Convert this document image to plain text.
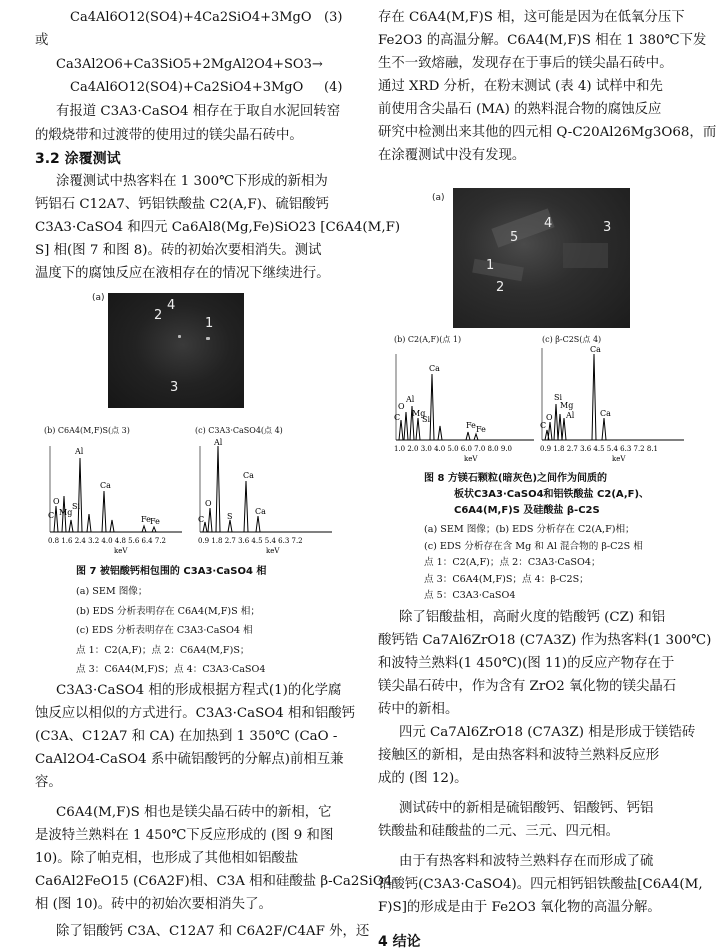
Ca4Al6O12(SO4)+4Ca2SiO4+3MgO (3)
或
Ca3Al2O6+Ca3SiO5+2MgAl2O4+SO3→
Ca4Al6O12(SO4)+Ca2SiO4+3MgO (4)
有报道 C3A3·CaSO4 相存在于取自水泥回转窑
的煅烧带和过渡带的使用过的镁尖晶石砖中。
3.2 涂覆测试
涂覆测试中热客料在 1 300℃下形成的新相为
钙铝石 C12A7、钙铝铁酸盐 C2(A,F)、硫铝酸钙
C3A3·CaSO4 和四元 Ca6Al8(Mg,Fe)SiO23 [C6A4(M,F)
S] 相(图 7 和图 8)。砖的初始次要相消失。测试
温度下的腐蚀反应在液相存在的情况下继续进行。
C3A3·CaSO4 相的形成根据方程式(1)的化学腐
蚀反应以相似的方式进行。C3A3·CaSO4 相和铝酸钙
(C3A、C12A7 和 CA) 在加热到 1 350℃ (CaO -
CaAl2O4-CaSO4 系中硫铝酸钙的分解点)前相互兼
容。
C6A4(M,F)S 相也是镁尖晶石砖中的新相，它
是波特兰熟料在 1 450℃下反应形成的 (图 9 和图
10)。除了帕克相，也形成了其他相如铝酸盐
Ca6Al2FeO15 (C6A2F)相、C3A 相和硅酸盐 β-Ca2SiO4
相 (图 10)。砖中的初始次要相消失了。
除了铝酸钙 C3A、C12A7 和 C6A2F/C4AF 外，还
(a)
2
4
1
3
(b) C6A4(M,F)S(点 3)	(c) C3A3·CaSO4(点 4)
O
Mg
Si
Al
C
Ca
Fe Fe
0.8 1.6 2.4 3.2 4.0 4.8 5.6 6.4 7.2
keV
C
O
Al
S
Ca
Ca
0.9 1.8 2.7 3.6 4.5 5.4 6.3 7.2
keV
图 7 被铝酸钙相包围的 C3A3·CaSO4 相
(a) SEM 图像；
(b) EDS 分析表明存在 C6A4(M,F)S 相；
(c) EDS 分析表明存在 C3A3·CaSO4 相
点 1：C2(A,F)；点 2：C6A4(M,F)S；
点 3：C6A4(M,F)S；点 4：C3A3·CaSO4
存在 C6A4(M,F)S 相，这可能是因为在低氧分压下
Fe2O3 的高温分解。C6A4(M,F)S 相在 1 380℃下发
生不一致熔融，发现存在于事后的镁尖晶石砖中。
通过 XRD 分析，在粉末测试 (表 4) 试样中和先
前使用含尖晶石 (MA) 的熟料混合物的腐蚀反应
研究中检测出来其他的四元相 Q-C20Al26Mg3O68，而
在涂覆测试中没有发现。
除了铝酸盐相，高耐火度的锆酸钙 (CZ) 和铝
酸钙锆 Ca7Al6ZrO18 (C7A3Z) 作为热客料(1 300℃)
和波特兰熟料(1 450℃)(图 11)的反应产物存在于
镁尖晶石砖中，作为含有 ZrO2 氧化物的镁尖晶石
砖中的新相。
四元 Ca7Al6ZrO18 (C7A3Z) 相是形成于镁锆砖
接触区的新相，是由热客料和波特兰熟料反应形
成的 (图 12)。
测试砖中的新相是硫铝酸钙、铝酸钙、钙铝
铁酸盐和硅酸盐的二元、三元、四元相。
由于有热客料和波特兰熟料存在而形成了硫
铝酸钙(C3A3·CaSO4)。四元相钙铝铁酸盐[C6A4(M,
F)S]的形成是由于 Fe2O3 氧化物的高温分解。
4 结论
(a)
5
4	3
1
2
(b) C2(A,F)(点 1)	(c) β-C2S(点 4)
C
O
Al
Mg
Si
Ca
Fe Fe
1.0 2.0 3.0 4.0 5.0 6.0 7.0 8.0 9.0
keV
C
O
Si
Mg
Al
Ca
Ca
0.9 1.8 2.7 3.6 4.5 5.4 6.3 7.2 8.1
keV
图 8 方镁石颗粒(暗灰色)之间作为间质的
板状C3A3·CaSO4和铝铁酸盐 C2(A,F)、
C6A4(M,F)S 及硅酸盐 β-C2S
(a) SEM 图像；(b) EDS 分析存在 C2(A,F)相；
(c) EDS 分析存在含 Mg 和 Al 混合物的 β-C2S 相
点 1：C2(A,F)；点 2：C3A3·CaSO4；
点 3：C6A4(M,F)S；点 4：β-C2S；
点 5：C3A3·CaSO4
